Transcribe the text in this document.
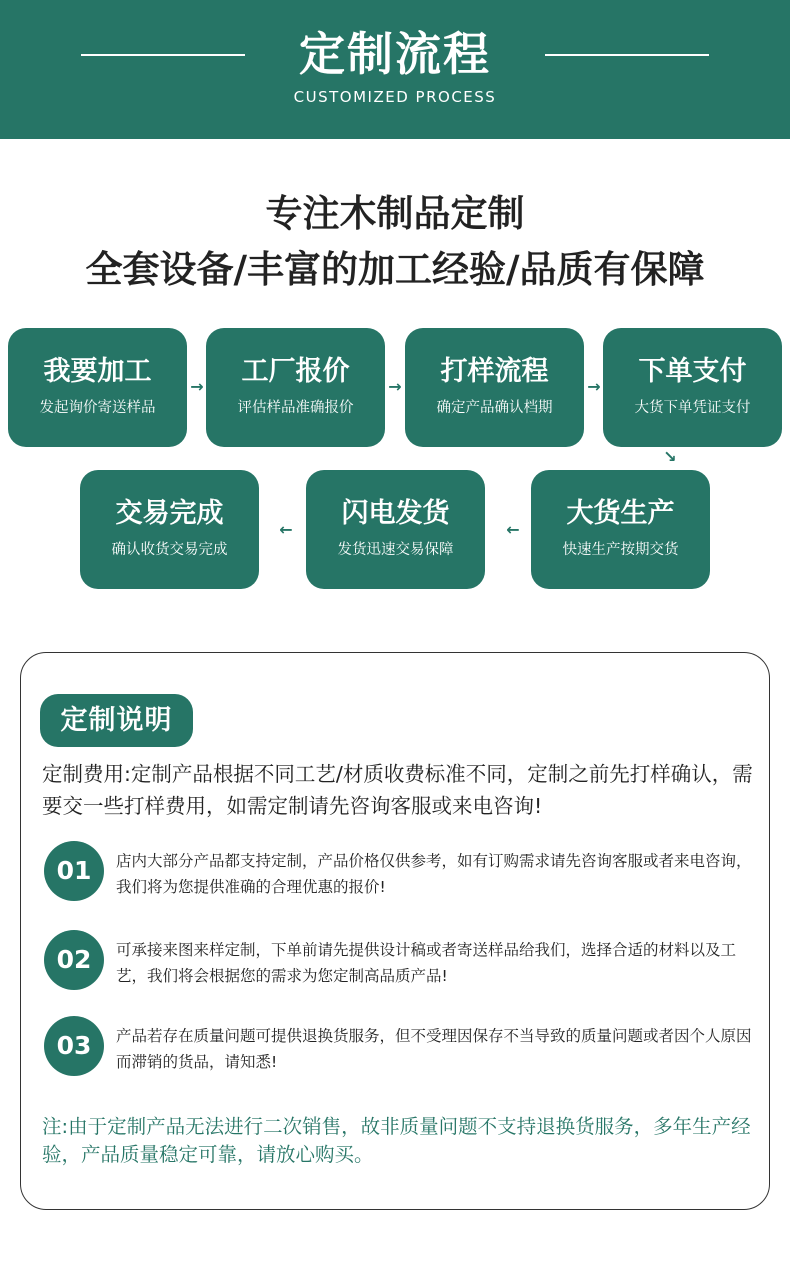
定制流程
CUSTOMIZED PROCESS
专注木制品定制
全套设备/丰富的加工经验/品质有保障
我要加工
发起询价寄送样品
→	工厂报价
评估样品准确报价
→	打样流程
确定产品确认档期
→	下单支付
大货下单凭证支付
↘
大货生产
快速生产按期交货
←
闪电发货
发货迅速交易保障
←
交易完成
确认收货交易完成
定制说明
定制费用:定制产品根据不同工艺/材质收费标准不同，定制之前先打样确认，需要交一些打样费用，如需定制请先咨询客服或来电咨询!
01	店内大部分产品都支持定制，产品价格仅供参考，如有订购需求请先咨询客服或者来电咨询，我们将为您提供准确的合理优惠的报价!
02	可承接来图来样定制，下单前请先提供设计稿或者寄送样品给我们，选择合适的材料以及工艺，我们将会根据您的需求为您定制高品质产品!
03	产品若存在质量问题可提供退换货服务，但不受理因保存不当导致的质量问题或者因个人原因而滞销的货品，请知悉!
注:由于定制产品无法进行二次销售，故非质量问题不支持退换货服务，多年生产经验，产品质量稳定可靠，请放心购买。
